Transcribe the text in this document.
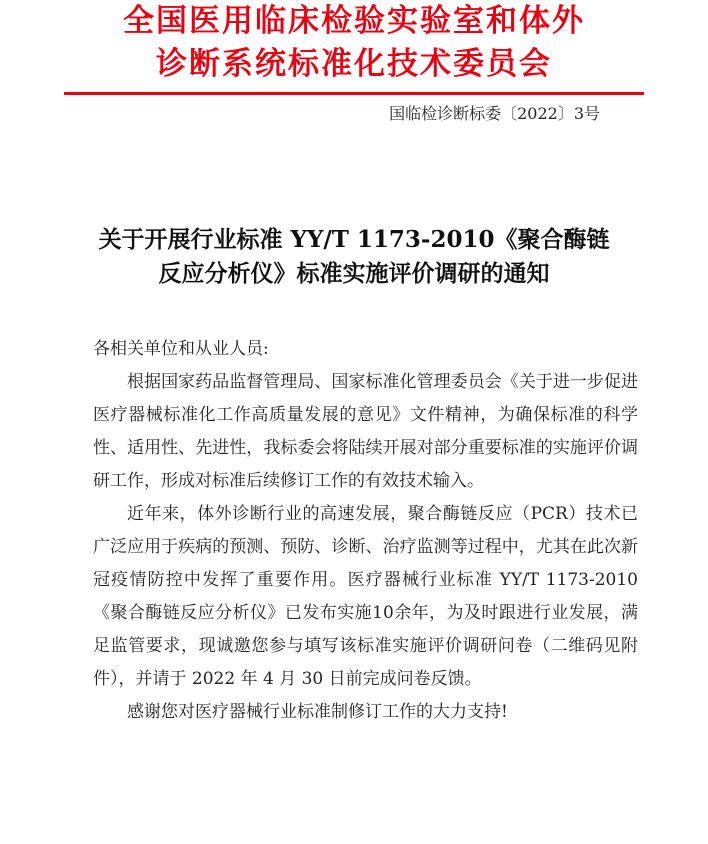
全国医用临床检验实验室和体外
诊断系统标准化技术委员会
国临检诊断标委〔2022〕3号
关于开展行业标准 YY/T 1173-2010《聚合酶链
反应分析仪》标准实施评价调研的通知
各相关单位和从业人员:

根据国家药品监督管理局、国家标准化管理委员会《关于进一步促进医疗器械标准化工作高质量发展的意见》文件精神，为确保标准的科学性、适用性、先进性，我标委会将陆续开展对部分重要标准的实施评价调研工作，形成对标准后续修订工作的有效技术输入。

近年来，体外诊断行业的高速发展，聚合酶链反应（PCR）技术已广泛应用于疾病的预测、预防、诊断、治疗监测等过程中，尤其在此次新冠疫情防控中发挥了重要作用。医疗器械行业标准 YY/T 1173-2010《聚合酶链反应分析仪》已发布实施10余年，为及时跟进行业发展，满足监管要求，现诚邀您参与填写该标准实施评价调研问卷（二维码见附件），并请于 2022 年 4 月 30 日前完成问卷反馈。

感谢您对医疗器械行业标准制修订工作的大力支持!
